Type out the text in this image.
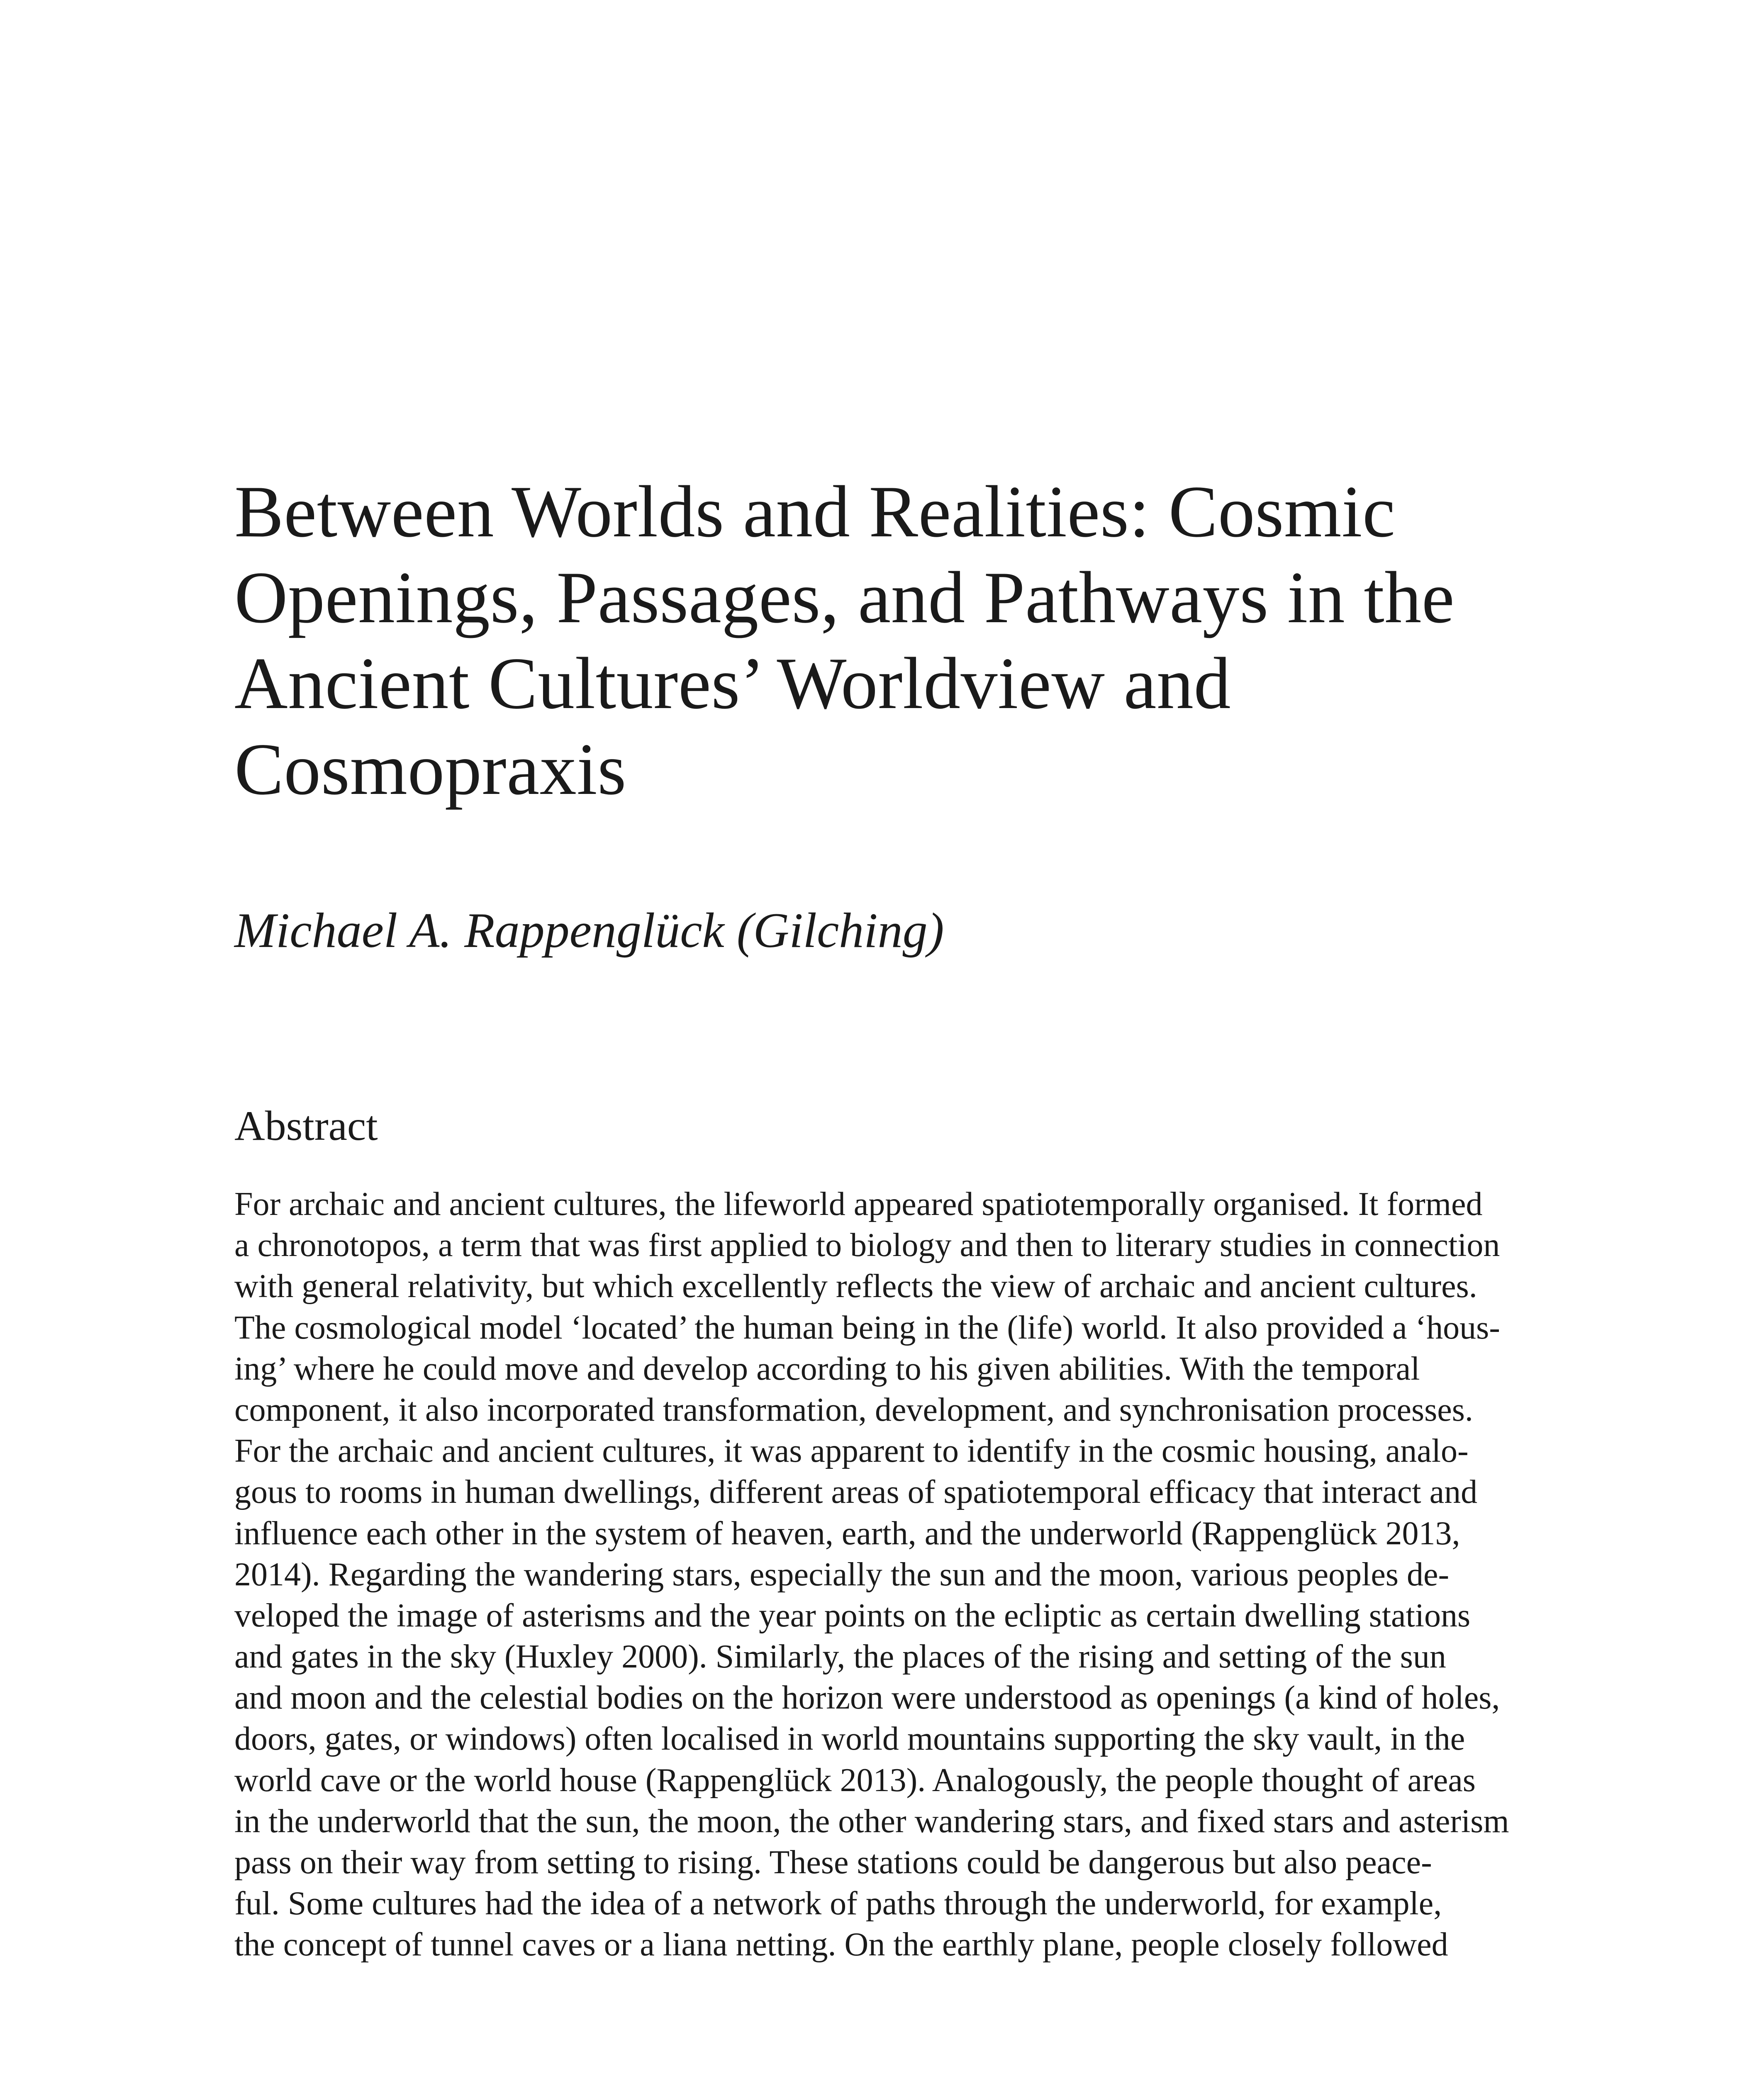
Between Worlds and Realities: Cosmic
Openings, Passages, and Pathways in the
Ancient Cultures’ Worldview and
Cosmopraxis

Michael A. Rappenglück (Gilching)

Abstract
For archaic and ancient cultures, the lifeworld appeared spatiotemporally organised. It formed
a chronotopos, a term that was first applied to biology and then to literary studies in connection
with general relativity, but which excellently reflects the view of archaic and ancient cultures.
The cosmological model ‘located’ the human being in the (life) world. It also provided a ‘hous-
ing’ where he could move and develop according to his given abilities. With the temporal
component, it also incorporated transformation, development, and synchronisation processes.
For the archaic and ancient cultures, it was apparent to identify in the cosmic housing, analo-
gous to rooms in human dwellings, different areas of spatiotemporal efficacy that interact and
influence each other in the system of heaven, earth, and the underworld (Rappenglück 2013,
2014). Regarding the wandering stars, especially the sun and the moon, various peoples de-
veloped the image of asterisms and the year points on the ecliptic as certain dwelling stations
and gates in the sky (Huxley 2000). Similarly, the places of the rising and setting of the sun
and moon and the celestial bodies on the horizon were understood as openings (a kind of holes,
doors, gates, or windows) often localised in world mountains supporting the sky vault, in the
world cave or the world house (Rappenglück 2013). Analogously, the people thought of areas
in the underworld that the sun, the moon, the other wandering stars, and fixed stars and asterism
pass on their way from setting to rising. These stations could be dangerous but also peace-
ful. Some cultures had the idea of a network of paths through the underworld, for example,
the concept of tunnel caves or a liana netting. On the earthly plane, people closely followed
